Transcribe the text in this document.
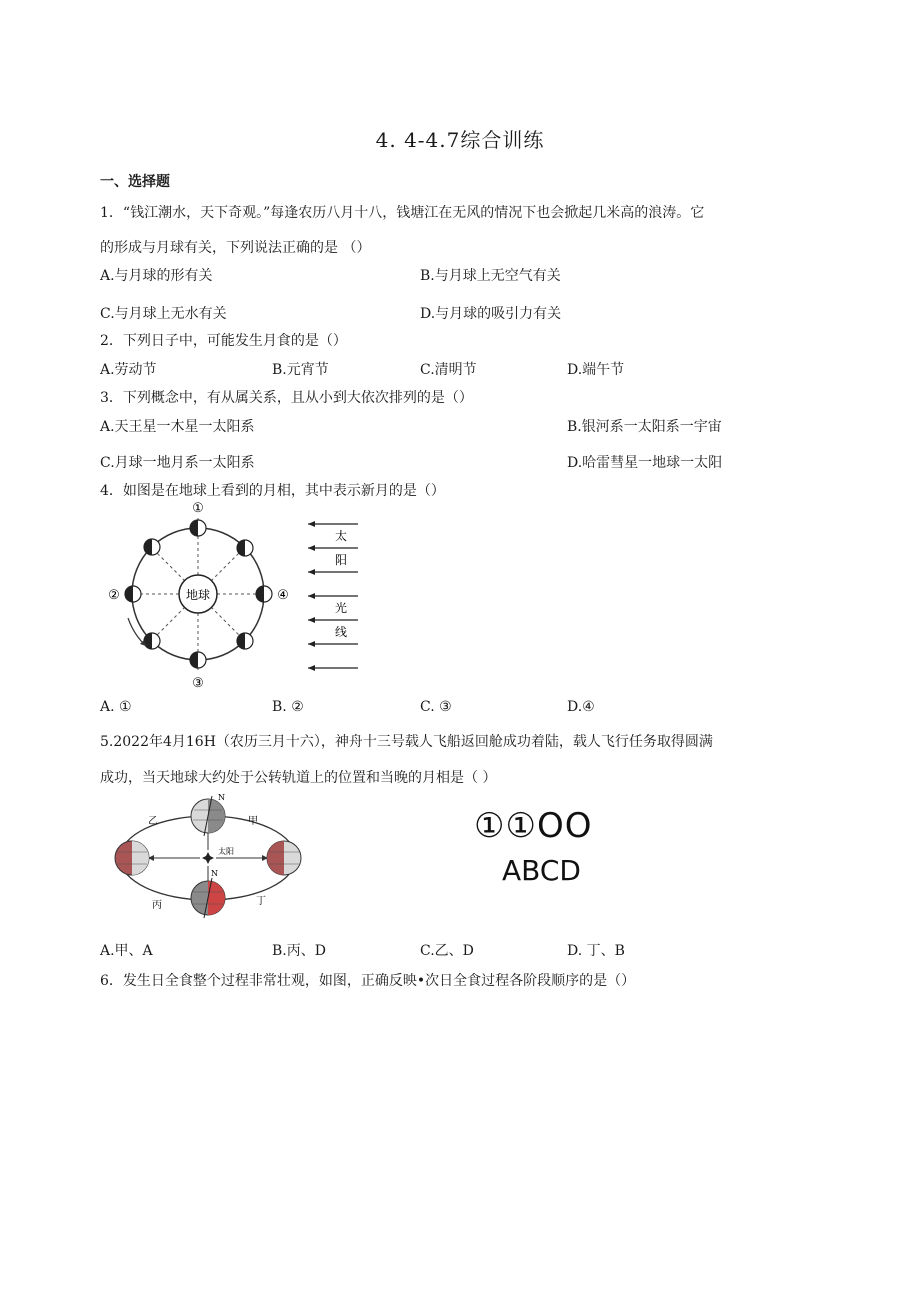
4. 4-4.7综合训练
一、选择题
1．“钱江潮水，天下奇观。”每逢农历八月十八，钱塘江在无风的情况下也会掀起几米高的浪涛。它
的形成与月球有关，下列说法正确的是 （）
A.与月球的形有关	B.与月球上无空气有关
C.与月球上无水有关	D.与月球的吸引力有关
2．下列日子中，可能发生月食的是（）
A.劳动节	B.元宵节	C.清明节	D.端午节
3．下列概念中，有从属关系，且从小到大依次排列的是（）
A.天王星一木星一太阳系	B.银河系一太阳系一宇宙
C.月球一地月系一太阳系	D.哈雷彗星一地球一太阳
4．如图是在地球上看到的月相，其中表示新月的是（）
地球
①
③
②	④
太
阳
光
线
A. ①	B. ②	C. ③	D.④
5.2022年4月16H（农历三月十六），神舟十三号载人飞船返回舱成功着陆，载人飞行任务取得圆满
成功，当天地球大约处于公转轨道上的位置和当晚的月相是（ ）
太阳
N
N
甲
乙
丙	丁
①①OO
ABCD
A.甲、A	B.丙、D	C.乙、D	D. 丁、B
6．发生日全食整个过程非常壮观，如图，正确反映•次日全食过程各阶段顺序的是（）
